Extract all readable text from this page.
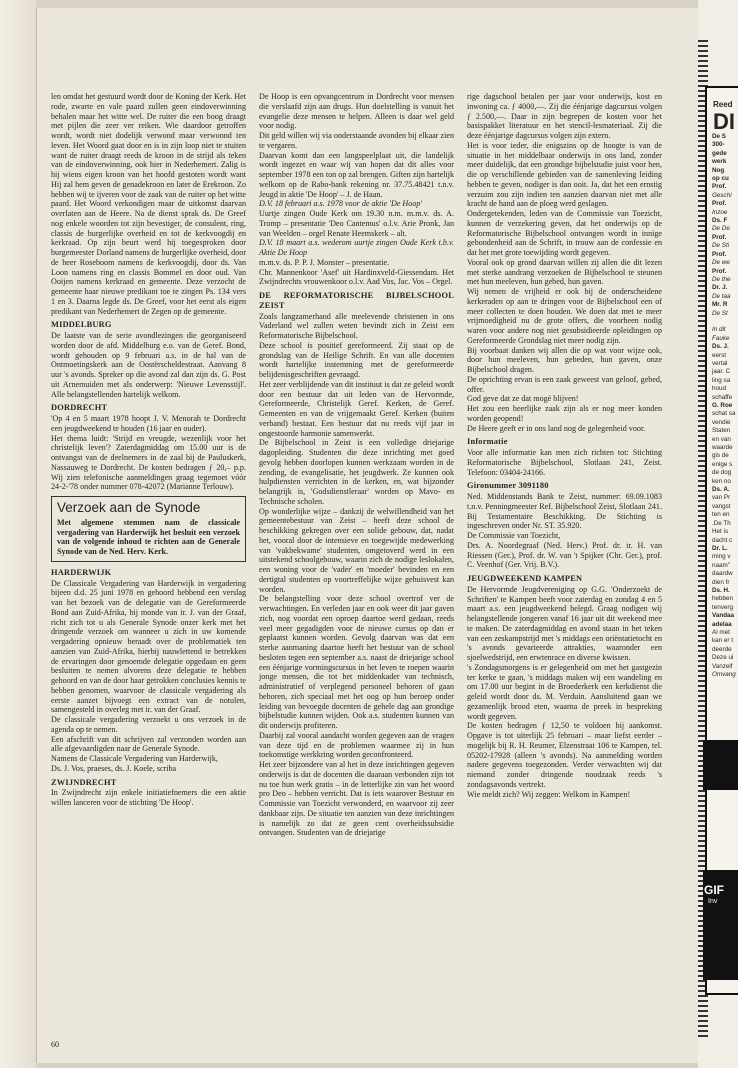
len omdat het gestuurd wordt door de Koning der Kerk. Het rode, zwarte en vale paard zullen geen eindoverwinning behalen maar het witte wel. De ruiter die een boog draagt met pijlen die zeer ver reiken. Wie daardoor getroffen wordt, wordt niet dodelijk verwond maar verwonnd ten leven. Het Woord gaat door en is in zijn loop niet te stuiten want de ruiter draagt reeds de kroon in de strijd als teken van de eindoverwinning, ook hier in Nederhemert. Zalig is hij wiens eigen kroon van het hoofd gestoten wordt want Hij zal hem geven de genadekroon en later de Erekroon. Zo hebben wij te ijveren voor de zaak van de ruiter op het witte paard. Het Woord verkondigen maar de uitkomst daarvan overlaten aan de Heere. Na de dienst sprak ds. De Greef nog enkele woorden tot zijn bevestiger, de consulent, ring, classis de burgerlijke overheid en tot de kerkvoogdij en kerkraad. Op zijn beurt werd hij toegesproken door burgemeester Dorland namens de burgerlijke overheid, door de heer Roseboom namens de kerkvoogdij, door ds. Van Loon namens ring en classis Bommel en door oud. Van Ooijen namens kerkraad en gemeente. Deze verzocht de gemeente haar nieuwe predikant toe te zingen Ps. 134 vers 1 en 3. Daarna legde ds. De Greef, voor het eerst als eigen predikant van Nederhemert de Zegen op de gemeente.

MIDDELBURG

De laatste van de serie avondlezingen die georganiseerd worden door de afd. Middelburg e.o. van de Geref. Bond, wordt gehouden op 9 februari a.s. in de hal van de Ontmoetingskerk aan de Oostërscheldestraat. Aanvang 8 uur 's avonds. Spreker op die avond zal dan zijn ds. G. Post uit Arnemuiden met als onderwerp: 'Nieuwe Levensstijl'. Alle belangstellenden hartelijk welkom.

DORDRECHT

'Op 4 en 5 maart 1978 hoopt J. V. Menorah te Dordrecht een jeugdweekend te houden (16 jaar en ouder).

Het thema luidt: 'Strijd en vreugde, wezenlijk voor het christelijk leven'? Zaterdagmiddag om 15.00 uur is de ontvangst van de deelnemers in de zaal bij de Pauluskerk, Nassauweg te Dordrecht. De kosten bedragen ƒ 20,– p.p. Wij zien telefonische aanmeldingen graag tegemoet vóór 24-2-'78 onder nummer 078-42072 (Marianne Terlouw).

Verzoek aan de Synode
Met algemene stemmen nam de classicale vergadering van Harderwijk het besluit een verzoek van de volgende inhoud te richten aan de Generale Synode van de Ned. Herv. Kerk.

HARDERWIJK

De Classicale Vergadering van Harderwijk in vergadering bijeen d.d. 25 juni 1978 en gehoord hebbend een verslag van het bezoek van de delegatie van de Gereformeerde Bond aan Zuid-Afrika, bij monde van ir. J. van der Graaf, richt zich tot u als Generale Synode onzer kerk met het dringende verzoek om wanneer u zich in uw komende vergadering opnieuw beraadt over de problematiek ten aanzien van Zuid-Afrika, hierbij nauwlettend te betrekken de ervaringen door genoemde delegatie opgedaan en geen besluiten te nemen alvorens deze delegatie te hebben gehoord en van de door haar getrokken conclusies kennis te hebben genomen, waarvoor de classicale vergadering als eerste aanzet bijvoegt een extract van de notulen, samengesteld in overleg met ir. van der Graaf.

De classicale vergadering verzoekt u ons verzoek in de agenda op te nemen.

Een afschrift van dit schrijven zal verzonden worden aan alle afgevaardigden naar de Generale Synode.

Namens de Classicale Vergadering van Harderwijk,

Ds. J. Vos, praeses, ds. J. Koele, scriba

ZWIJNDRECHT

In Zwijndrecht zijn enkele initiatiefnemers die een aktie willen lanceren voor de stichting 'De Hoop'.

De Hoop is een opvangcentrum in Dordrecht voor mensen die verslaafd zijn aan drugs. Hun doelstelling is vanuit het evangelie deze mensen te helpen. Alleen is daar wel geld voor nodig.

Dit geld willen wij via onderstaande avonden bij elkaar zien te vergaren.

Daarvan komt dan een langspeelplaat uit, die landelijk wordt ingezet en waar wij van hopen dat dit alles voor september 1978 een ton op zal brengen. Giften zijn hartelijk welkom op de Rabo-bank rekening nr. 37.75.48421 t.n.v. Jeugd in aktie 'De Hoop' – J. de Haan.

D.V. 18 februari a.s. 1978 voor de aktie 'De Hoop'

Uurtje zingen Oude Kerk om 19.30 n.m. m.m.v. ds. A. Tromp – presentatie 'Deo Cantemus' o.l.v. Arie Pronk, Jan van Weelden – orgel Renate Heemskerk – alt.

D.V. 18 maart a.s. wederom uurtje zingen Oude Kerk t.b.v. Aktie De Hoop

m.m.v. ds. P. P. J. Monster – presentatie.

Chr. Mannenkoor 'Asef' uit Hardinxveld-Giessendam. Het Zwijndrechts vrouwenkoor o.l.v. Aad Vos, Jac. Vos – Orgel.

DE REFORMATORISCHE BIJBELSCHOOL ZEIST

Zoals langzamerhand alle meelevende christenen in ons Vaderland wel zullen weten bevindt zich in Zeist een Reformatorische Bijbelschool.

Deze school is positief gereformeerd. Zij staat op de grondslag van de Heilige Schrift. En van alle docenten wordt hartelijke instemming met de gereformeerde belijdenisgeschriften gevraagd.

Het zeer verblijdende van dit instituut is dat ze geleid wordt door een bestuur dat uit leden van de Hervormde, Gereformeerde, Christelijk Geref. Kerken, de Geref. Gemeenten en van de vrijgemaakt Geref. Kerken (buiten verband) bestaat. Een bestuur dat nu reeds vijf jaar in ongestoorde harmonie samenwerkt.

De Bijbelschool in Zeist is een volledige driejarige dagopleiding. Studenten die deze inrichting met goed gevolg hebben doorlopen kunnen werkzaam worden in de zending, de evangelisatie, het jeugdwerk. Ze kunnen ook hulpdiensten verrichten in de kerken, en, wat bijzonder belangrijk is, 'Godsdienstleraar' worden op Mavo- en Technische scholen.

Op wonderlijke wijze – dankzij de welwillendheid van het gemeentebestuur van Zeist – heeft deze school de beschikking gekregen over een solide gebouw, dat, nadat het, vooral door de intensieve en toegewijde medewerking van 'vakbekwame' studenten, omgetoverd werd in een uitstekend schoolgebouw, waarin zich de nodige leslokalen, een woning voor de 'vader' en 'moeder' bevinden en een dertigtal studenten op voortreffelijke wijze gehuisvest kan worden.

De belangstelling voor deze school overtrof ver de verwachtingen. En verleden jaar en ook weer dit jaar gaven zich, nog voordat een oproep daartoe werd gedaan, reeds veel meer gegadigden voor de nieuwe cursus op dan er geplaatst kunnen worden. Gevolg daarvan was dat een sterke aanmaning daartoe heeft het bestuur van de school besloten tegen een september a.s. naast de driejarige school een éénjarige vormingscursus in het leven te roepen waarin jonge mensen, die tot het middenkader van technisch, administratief of verplegend personeel behoren of gaan behoren, zich speciaal met het oog op hun beroep onder leiding van bevoegde docenten de gehele dag aan grondige bijbelstudie kunnen wijden. Ook a.s. studenten kunnen van dit onderwijs profiteren.

Daarbij zal vooral aandacht worden gegeven aan de vragen van deze tijd en de problemen waarmee zij in hun toekomstige werkkring worden geconfronteerd.

Het zeer bijzondere van al het in deze inrichtingen gegeven onderwijs is dat de docenten die daaraan verbonden zijn tot nu toe hun werk gratis – in de letterlijke zin van het woord pro Deo – hebben verricht. Dat is iets waarover Bestuur en Commissie van Toezicht verwonderd, en waarvoor zij zeer dankbaar zijn. De situatie ten aanzien van deze inrichtingen is namelijk zo dat ze geen cent overheidssubsidie ontvangen. Studenten van de driejarige

rige dagschool betalen per jaar voor onderwijs, kost en inwoning ca. ƒ 4000,—. Zij die éénjarige dagcursus volgen ƒ 2.500,—. Daar in zijn begrepen de kosten voor het basispakket literatuur en het stencil-lesmateriaal. Zij die deze éénjarige dagcursus volgen zijn extern.

Het is voor ieder, die enigszins op de hoogte is van de situatie in het middelbaar onderwijs in ons land, zonder meer duidelijk, dat een grondige bijbelstudie juist voor hen, die op verschillende gebieden van de samenleving leiding hebben te geven, nodiger is dan ooit. Ja, dat het een ernstig verzuim zou zijn indien ten aanzien daarvan niet met alle kracht de hand aan de ploeg werd geslagen.

Ondergetekenden, leden van de Commissie van Toezicht, kunnen de verzekering geven, dat het onderwijs op de Reformatorische Bijbelschool ontvangen wordt in innige gebondenheid aan de Schrift, in trouw aan de confessie en dat het met grote toewijding wordt gegeven.

Vooral ook op grond daarvan willen zij allen die dit lezen met sterke aandrang verzoeken de Bijbelschool te steunen met hun meeleven, hun gebed, hun gaven.

Wij nemen de vrijheid er ook bij de onderscheidene kerkeraden op aan te dringen voor de Bijbelschool een of meer collecten te doen houden. We doen dat met te meer vrijmoedigheid nu de grote offers, die voorheen nodig waren voor andere nog niet gesubsidieerde opleidingen op Gereformeerde Grondslag niet meer nodig zijn.

Bij voorbaat danken wij allen die op wat voor wijze ook, door hun meeleven, hun gebeden, hun gaven, onze Bijbelschool dragen.

De oprichting ervan is een zaak geweest van geloof, gebed, offer.

God geve dat ze dat mogé blijven!

Het zou een heerlijke zaak zijn als er nog meer konden worden geopend!

De Heere geeft er in ons land nog de gelegenheid voor.

Informatie

Voor alle informatie kan men zich richten tot: Stichting Reformatorische Bijbelschool, Slotlaan 241, Zeist. Telefoon: 03404-24166.

Gironummer 3091180

Ned. Middenstands Bank te Zeist, nummer: 69.09.1083 t.n.v. Penningmeester Ref. Bijbelschool Zeist, Slotlaan 241. Bij Testamentaire Beschikking. De Stichting is ingeschreven onder Nr. ST. 35.920.

De Commissie van Toezicht,

Drs. A. Noordegraaf (Ned. Herv.) Prof. dr. ir. H. van Riessen (Ger.), Prof. dr. W. van 't Spijker (Chr. Ger.), prof. C. Veenhof (Ger. Vrij. B.V.).

JEUGDWEEKEND KAMPEN

De Hervormde Jeugdvereniging op G.G. 'Onderzoekt de Schriften' te Kampen beeft voor zaterdag en zondag 4 en 5 maart a.s. een jeugdweekend belegd. Graag nodigen wij belangstellende jongeren vanaf 16 jaar uit dit weekend mee te maken. De zaterdagmiddag en avond staan in het teken van een zeskampstrijd met 's middags een oriëntatietocht en 's avonds gevarieerde attrakties, waaronder een sjoelwedstrijd, een erwtenrace en diverse kwissen.

's Zondagsmorgens is er gelegenheid om met het gastgezin ter kerke te gaan, 's middags maken wij een wandeling en om 17.00 uur begint in de Broederkerk een kerkdienst die geleid wordt door ds. M. Verduin. Aansluitend gaan we gezamenlijk brood eten, waarna de preek in bespreking wordt gegeven.

De kosten bedragen ƒ 12,50 te voldoen bij aankomst. Opgave is tot uiterlijk 25 februari – maar liefst eerder – mogelijk bij R. H. Reumer, Elzenstraat 106 te Kampen, tel. 05202-17928 (alleen 's avonds). Na aanmelding worden nadere gegevens toegezonden. Verder verwachten wij dat niemand zonder dringende noodzaak reeds 's zondagsavonds vertrekt.

Wie meldt zich? Wij zeggen: Welkom in Kampen!

60
Reed
DI
De S
300-
gede
werk
Nog
op cu
Prof.
Geschi
Prof.
Inzoe
Ds. F
De De
Prof.
De Sti
Prof.
De we
Prof.
De the
Dr. J.
De taa
Mr. R
De St

In dit
Fauke
Ds. J.
eerst
vertal
jaar. C
ling sa
houd
schaffe
G. Roe
schat sa
vendie
Staten
en van
waarde
gis de
enige s
de dog
ken no
Ds. A.
van Pr
vangst
ten en
.De Th
Het is
dacht c
Dr. L.
ming v
naam"
daardw
dien fr
Ds. H.
hebben
tenverg
Vandaa
adelaa
Al met
kan er t
deerde
Deze ui
Vanzelf
Omvang
GIF
Inv
